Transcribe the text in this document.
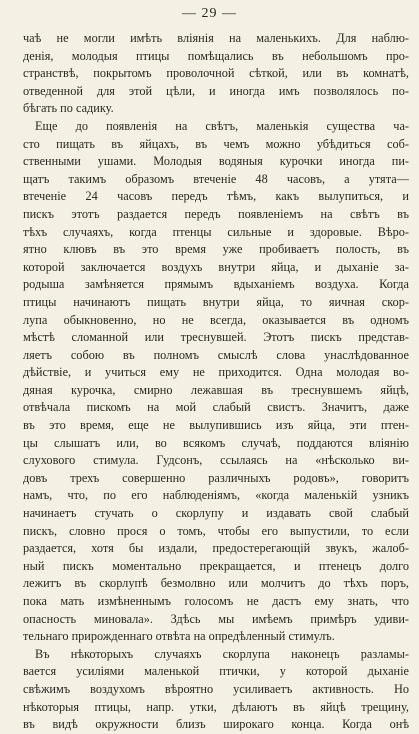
— 29 —
чаѣ не могли имѣть вліянія на маленькихъ. Для наблю-
денія, молодыя птицы помѣщались въ небольшомъ про-
странствѣ, покрытомъ проволочной сѣткой, или въ комнатѣ,
отведенной для этой цѣли, и иногда имъ позволялось по-
бѣгать по садику.
Еще до появленія на свѣтъ, маленькія существа ча-
сто пищать въ яйцахъ, въ чемъ можно убѣдиться соб-
ственными ушами. Молодыя водяныя курочки иногда пи-
щатъ такимъ образомъ втеченіе 48 часовъ, а утята—
втеченіе 24 часовъ передъ тѣмъ, какъ вылупиться, и
пискъ этотъ раздается передъ появленіемъ на свѣтъ въ
тѣхъ случаяхъ, когда птенцы сильные и здоровые. Вѣро-
ятно клювъ въ это время уже пробиваетъ полость, въ
которой заключается воздухъ внутри яйца, и дыханіе за-
родыша замѣняется прямымъ вдыханіемъ воздуха. Когда
птицы начинаютъ пищать внутри яйца, то яичная скор-
лупа обыкновенно, но не всегда, оказывается въ одномъ
мѣстѣ сломанной или треснувшей. Этотъ пискъ представ-
ляетъ собою въ полномъ смыслѣ слова унаслѣдованное
дѣйствіе, и учиться ему не приходится. Одна молодая во-
дяная курочка, смирно лежавшая въ треснувшемъ яйцѣ,
отвѣчала пискомъ на мой слабый свистъ. Значитъ, даже
въ это время, еще не вылупившись изъ яйца, эти птен-
цы слышатъ или, во всякомъ случаѣ, поддаются вліянію
слухового стимула. Гудсонъ, ссылаясь на «нѣсколько ви-
довъ трехъ совершенно различныхъ родовъ», говоритъ
намъ, что, по его наблюденіямъ, «когда маленькій узникъ
начинаетъ стучать о скорлупу и издавать свой слабый
пискъ, словно прося о томъ, чтобы его выпустили, то если
раздается, хотя бы издали, предостерегающій звукъ, жалоб-
ный пискъ моментально прекращается, и птенецъ долго
лежитъ въ скорлупѣ безмолвно или молчитъ до тѣхъ поръ,
пока мать измѣненнымъ голосомъ не дастъ ему знать, что
опасность миновала». Здѣсь мы имѣемъ примѣръ удиви-
тельнаго прирожденнаго отвѣта на опредѣленный стимулъ.
Въ нѣкоторыхъ случаяхъ скорлупа наконецъ разламы-
вается усиліями маленькой птички, у которой дыханіе
свѣжимъ воздухомъ вѣроятно усиливаетъ активность. Но
нѣкоторыя птицы, напр. утки, дѣлаютъ въ яйцѣ трещину,
въ видѣ окружности близъ широкаго конца. Когда онѣ
